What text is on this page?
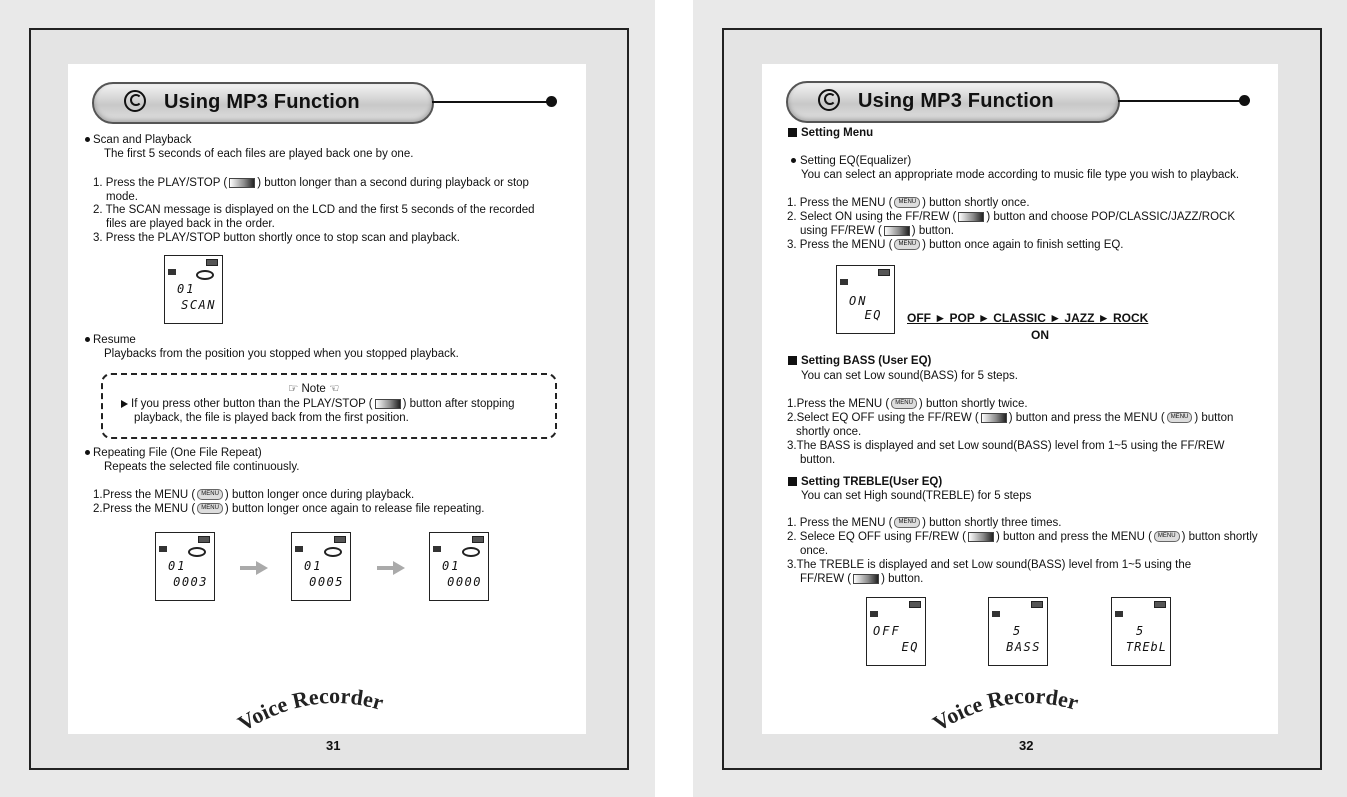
Using MP3 Function
Scan and Playback
The first 5 seconds of each files are played back one by one.
1. Press the PLAY/STOP (	) button longer than a second during playback or stop
mode.
2. The SCAN message is displayed on the LCD and the first 5 seconds of the recorded
files are played back in the order.
3. Press the PLAY/STOP button shortly once to stop scan and playback.
01
SCAN
Resume
Playbacks from the position you stopped when you stopped playback.
☞ Note ☜
If you press other button than the PLAY/STOP (	) button after stopping
playback, the file is played back from the first position.
Repeating File (One File Repeat)
Repeats the selected file continuously.
1.Press the MENU ( MENU ) button longer once during playback.
2.Press the MENU ( MENU ) button longer once again to release file repeating.
01
0003
01
0005
01
0000
Voice Recorder
31
Using MP3 Function
Setting Menu
Setting EQ(Equalizer)
You can select an appropriate mode according to music file type you wish to playback.
1. Press the MENU ( MENU ) button shortly once.
2. Select ON using the FF/REW (	) button and choose POP/CLASSIC/JAZZ/ROCK
using FF/REW (	) button.
3. Press the MENU ( MENU ) button once again to finish setting EQ.
ON
EQ OFF ► POP ► CLASSIC ► JAZZ ► ROCK
ON
Setting BASS (User EQ)
You can set Low sound(BASS) for 5 steps.
1.Press the MENU ( MENU ) button shortly twice.
2.Select EQ OFF using the FF/REW (	) button and press the MENU ( MENU ) button
shortly once.
3.The BASS is displayed and set Low sound(BASS) level from 1~5 using the FF/REW
button.
Setting TREBLE(User EQ)
You can set High sound(TREBLE) for 5 steps
1. Press the MENU ( MENU ) button shortly three times.
2. Selece EQ OFF using FF/REW (	) button and press the MENU ( MENU ) button shortly
once.
3.The TREBLE is displayed and set Low sound(BASS) level from 1~5 using the
FF/REW (	) button.
OFF
EQ
5
BASS
5
TREbL
Voice Recorder
32
